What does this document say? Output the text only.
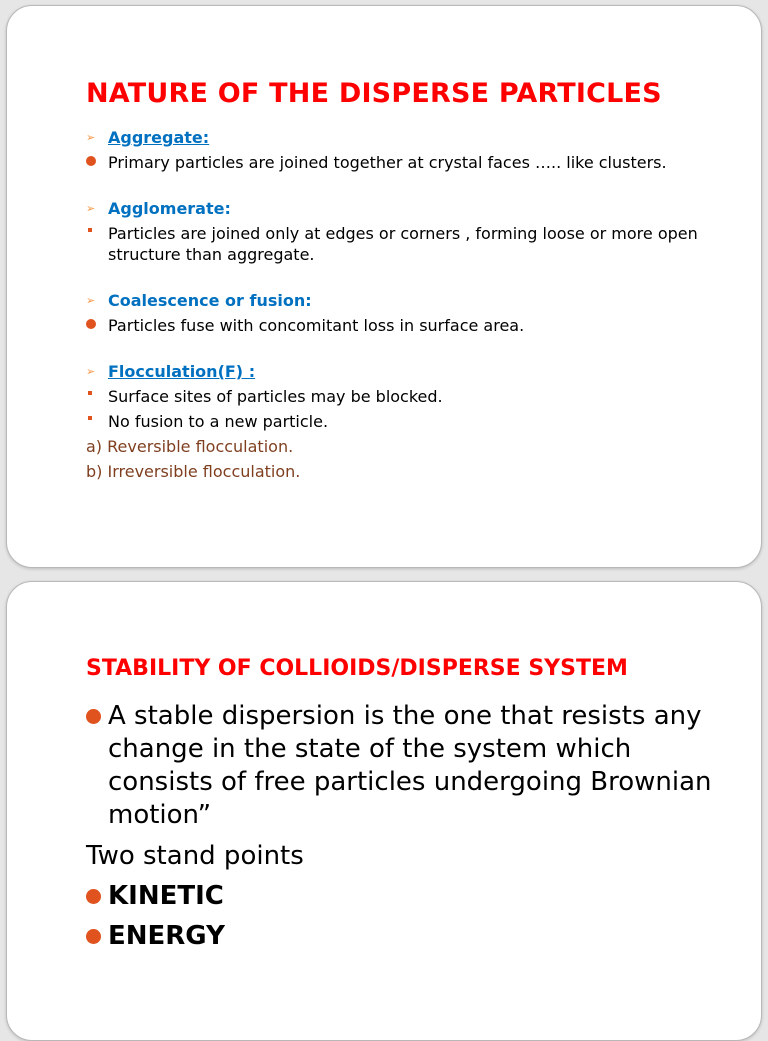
NATURE OF THE DISPERSE PARTICLES
➢ Aggregate:
Primary particles are joined together at crystal faces ….. like clusters.
➢ Agglomerate:
Particles are joined only at edges or corners , forming loose or more open structure than aggregate.
➢ Coalescence or fusion:
Particles fuse with concomitant loss in surface area.
➢ Flocculation(F) :
Surface sites of particles may be blocked.
No fusion to a new particle.
a) Reversible flocculation.
b) Irreversible flocculation.
STABILITY OF COLLIOIDS/DISPERSE SYSTEM
A stable dispersion is the one that resists any change in the state of the system which consists of free particles undergoing Brownian motion”
Two stand points
KINETIC
ENERGY
